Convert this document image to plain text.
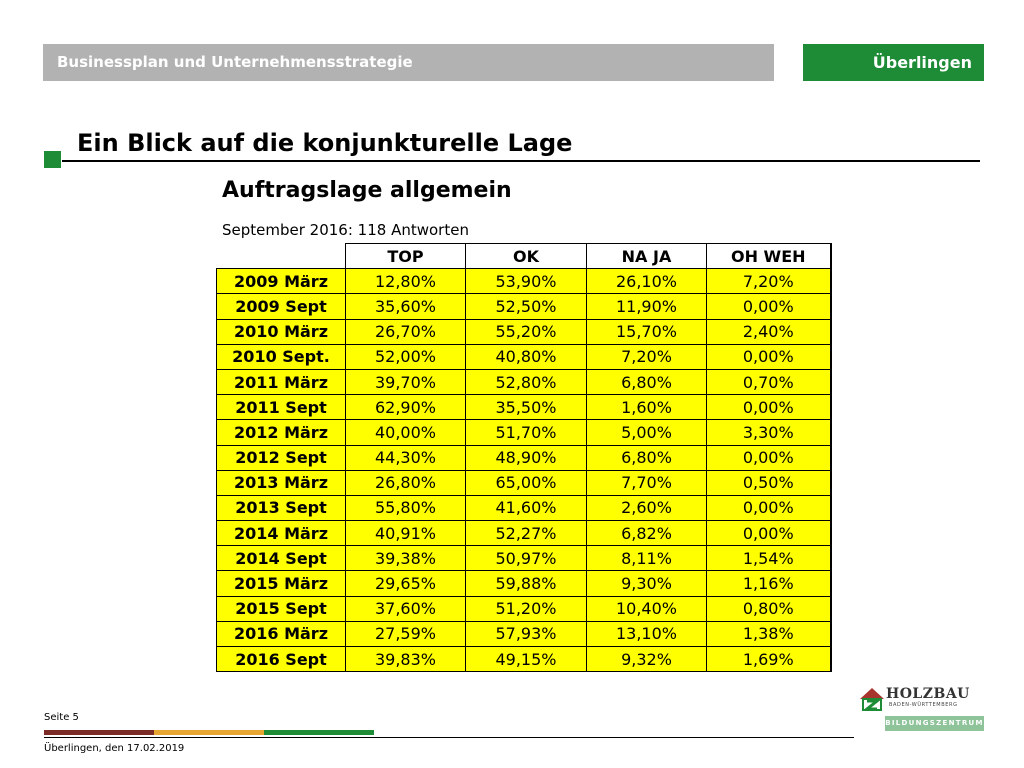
Businessplan und Unternehmensstrategie	Überlingen
Ein Blick auf die konjunkturelle Lage
Auftragslage allgemein
September 2016: 118 Antworten
	TOP	OK	NA JA	OH WEH
2009 März	12,80%	53,90%	26,10%	7,20%
2009 Sept	35,60%	52,50%	11,90%	0,00%
2010 März	26,70%	55,20%	15,70%	2,40%
2010 Sept.	52,00%	40,80%	7,20%	0,00%
2011 März	39,70%	52,80%	6,80%	0,70%
2011 Sept	62,90%	35,50%	1,60%	0,00%
2012 März	40,00%	51,70%	5,00%	3,30%
2012 Sept	44,30%	48,90%	6,80%	0,00%
2013 März	26,80%	65,00%	7,70%	0,50%
2013 Sept	55,80%	41,60%	2,60%	0,00%
2014 März	40,91%	52,27%	6,82%	0,00%
2014 Sept	39,38%	50,97%	8,11%	1,54%
2015 März	29,65%	59,88%	9,30%	1,16%
2015 Sept	37,60%	51,20%	10,40%	0,80%
2016 März	27,59%	57,93%	13,10%	1,38%
2016 Sept	39,83%	49,15%	9,32%	1,69%
Seite 5
Überlingen, den 17.02.2019
HOLZBAU
BADEN-WÜRTTEMBERG
BILDUNGSZENTRUM
